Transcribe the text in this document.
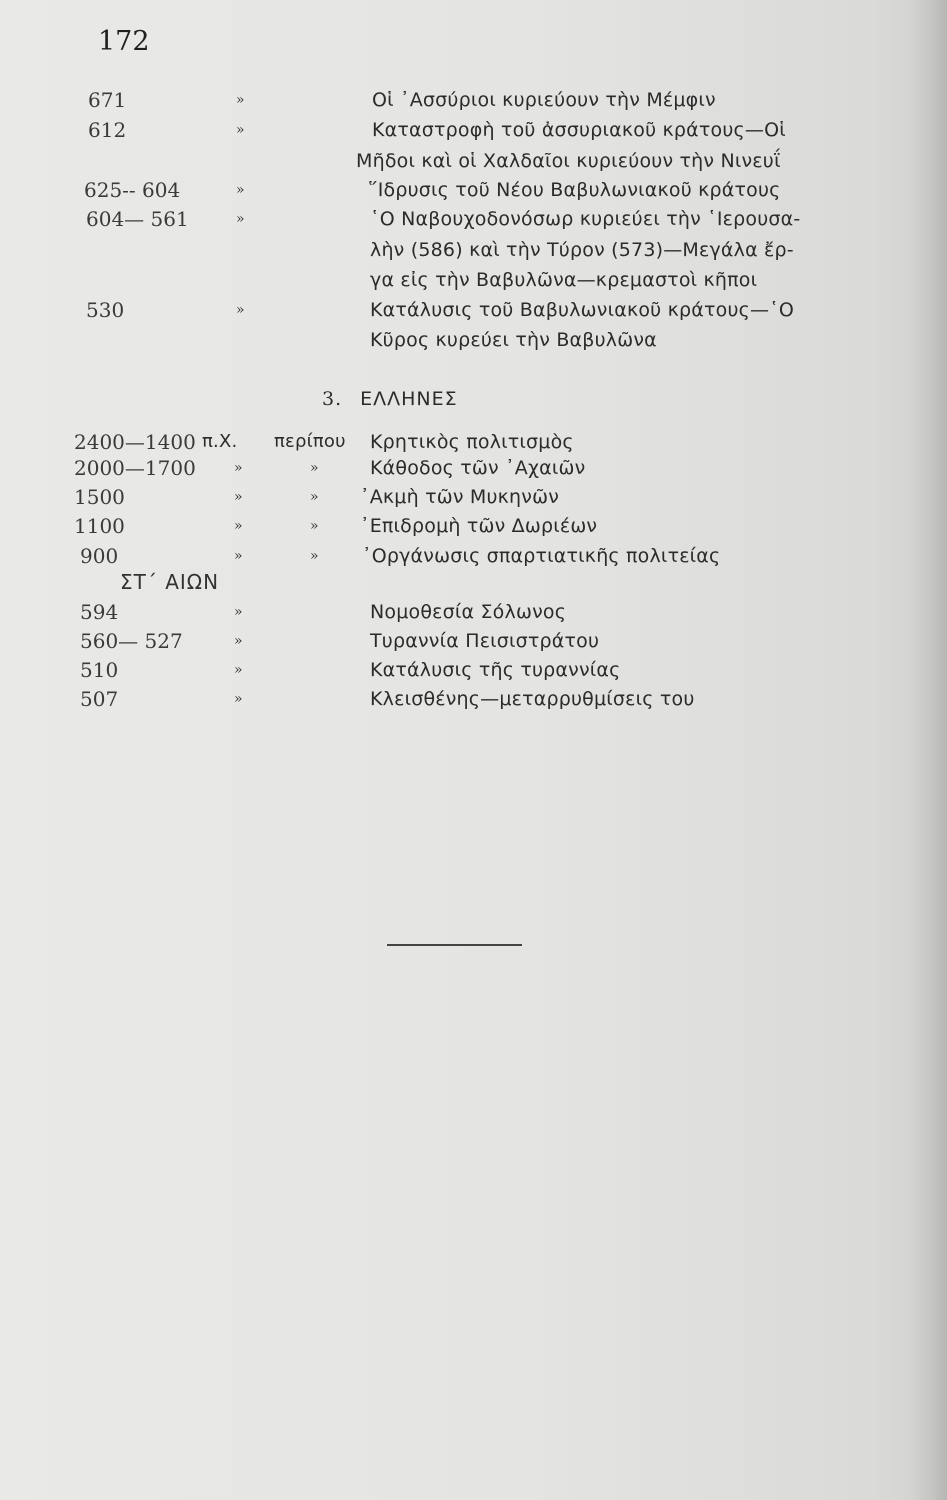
172
671	»	Οἱ ᾿Ασσύριοι κυριεύουν τὴν Μέμφιν
612	»	Καταστροφὴ τοῦ ἀσσυριακοῦ κράτους—Οἱ
Μῆδοι καὶ οἱ Χαλδαῖοι κυριεύουν τὴν Νινευΐ
625-- 604	»	῞Ιδρυσις τοῦ Νέου Βαβυλωνιακοῦ κράτους
604— 561	»	῾Ο Ναβουχοδονόσωρ κυριεύει τὴν ῾Ιερουσα-
λὴν (586) καὶ τὴν Τύρον (573)—Μεγάλα ἔρ-
γα εἰς τὴν Βαβυλῶνα—κρεμαστοὶ κῆποι
530	»	Κατάλυσις τοῦ Βαβυλωνιακοῦ κράτους—῾Ο
Κῦρος κυρεύει τὴν Βαβυλῶνα
3. ΕΛΛΗΝΕΣ
2400—1400 π.Χ. περίπου Κρητικὸς πολιτισμὸς
2000—1700	»	»	Κάθοδος τῶν ᾿Αχαιῶν
1500	»	» ᾿Ακμὴ τῶν Μυκηνῶν
1100	»	» ᾿Επιδρομὴ τῶν Δωριέων
900	»	» ᾿Οργάνωσις σπαρτιατικῆς πολιτείας
ΣΤ΄ ΑΙΩΝ
594	»	Νομοθεσία Σόλωνος
560— 527	»	Τυραννία Πεισιστράτου
510	»	Κατάλυσις τῆς τυραννίας
507	»	Κλεισθένης—μεταρρυθμίσεις του
